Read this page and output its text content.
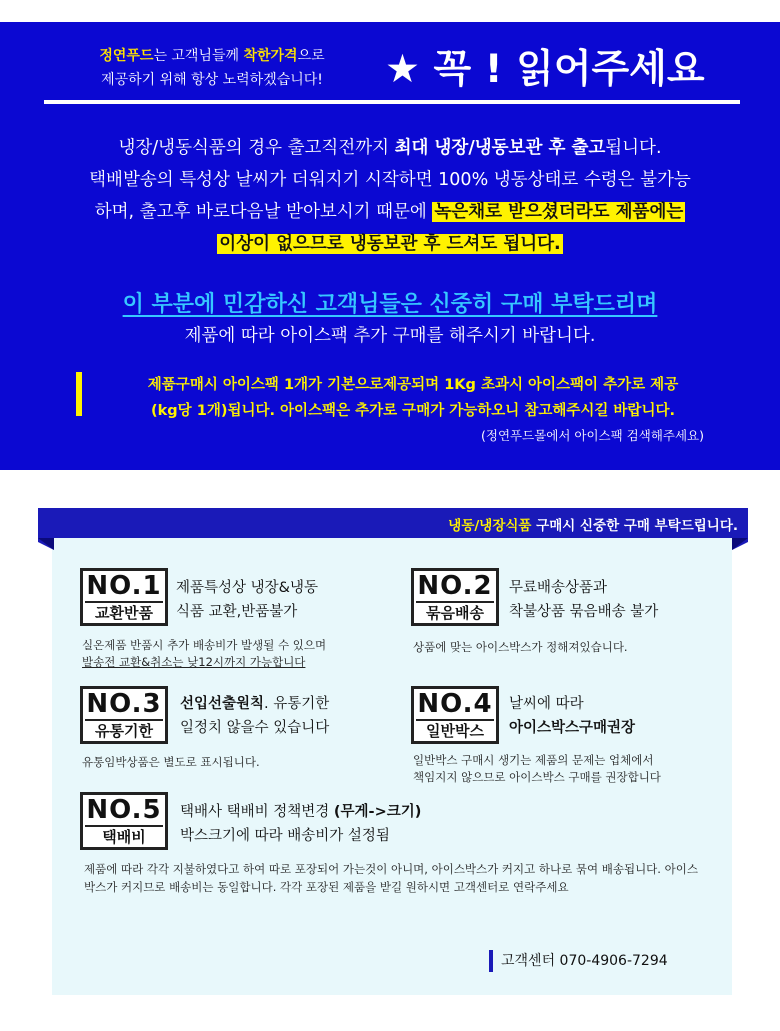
정연푸드는 고객님들께 착한가격으로
제공하기 위해 항상 노력하겠습니다!	★ 꼭 ! 읽어주세요
냉장/냉동식품의 경우 출고직전까지 최대 냉장/냉동보관 후 출고됩니다.
택배발송의 특성상 날씨가 더워지기 시작하면 100% 냉동상태로 수령은 불가능
하며, 출고후 바로다음날 받아보시기 때문에 녹은채로 받으셨더라도 제품에는
이상이 없으므로 냉동보관 후 드셔도 됩니다.
이 부분에 민감하신 고객님들은 신중히 구매 부탁드리며
제품에 따라 아이스팩 추가 구매를 해주시기 바랍니다.
제품구매시 아이스팩 1개가 기본으로제공되며 1Kg 초과시 아이스팩이 추가로 제공
(kg당 1개)됩니다. 아이스팩은 추가로 구매가 가능하오니 참고해주시길 바랍니다.
(정연푸드몰에서 아이스팩 검색해주세요)
냉동/냉장식품 구매시 신중한 구매 부탁드립니다.
NO.1
교환반품
제품특성상 냉장&냉동
식품 교환,반품불가
실온제품 반품시 추가 배송비가 발생될 수 있으며
발송전 교환&취소는 낮12시까지 가능합니다
NO.2
묶음배송
무료배송상품과
착불상품 묶음배송 불가
상품에 맞는 아이스박스가 정해져있습니다.
NO.3
유통기한
선입선출원칙. 유통기한
일정치 않을수 있습니다
유통임박상품은 별도로 표시됩니다.
NO.4
일반박스
날씨에 따라
아이스박스구매권장
일반박스 구매시 생기는 제품의 문제는 업체에서
책임지지 않으므로 아이스박스 구매를 권장합니다
NO.5
택배비
택배사 택배비 정책변경 (무게->크기)
박스크기에 따라 배송비가 설정됨
제품에 따라 각각 지불하였다고 하여 따로 포장되어 가는것이 아니며, 아이스박스가 커지고 하나로 묶여 배송됩니다. 아이스박스가 커지므로 배송비는 동일합니다. 각각 포장된 제품을 받길 원하시면 고객센터로 연락주세요
고객센터 070-4906-7294
